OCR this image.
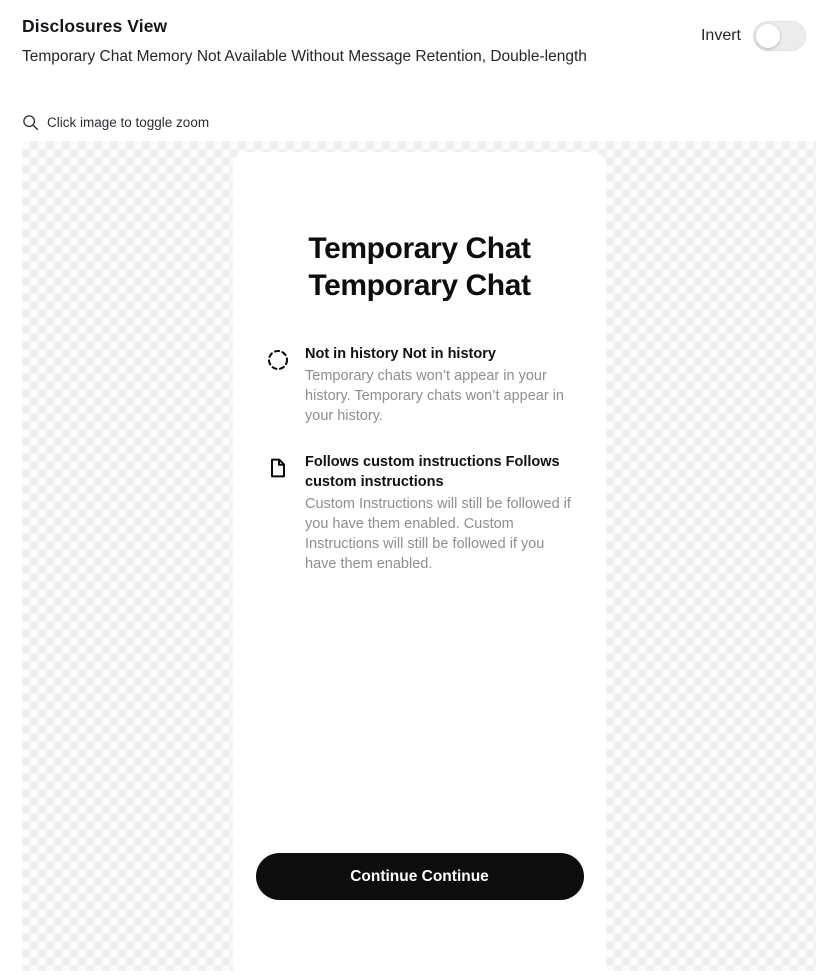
Disclosures View
Temporary Chat Memory Not Available Without Message Retention, Double-length
Invert
Click image to toggle zoom
Temporary Chat Temporary Chat
Not in history Not in history
Temporary chats won’t appear in your history. Temporary chats won’t appear in your history.
Follows custom instructions Follows custom instructions
Custom Instructions will still be followed if you have them enabled. Custom Instructions will still be followed if you have them enabled.
Continue Continue
